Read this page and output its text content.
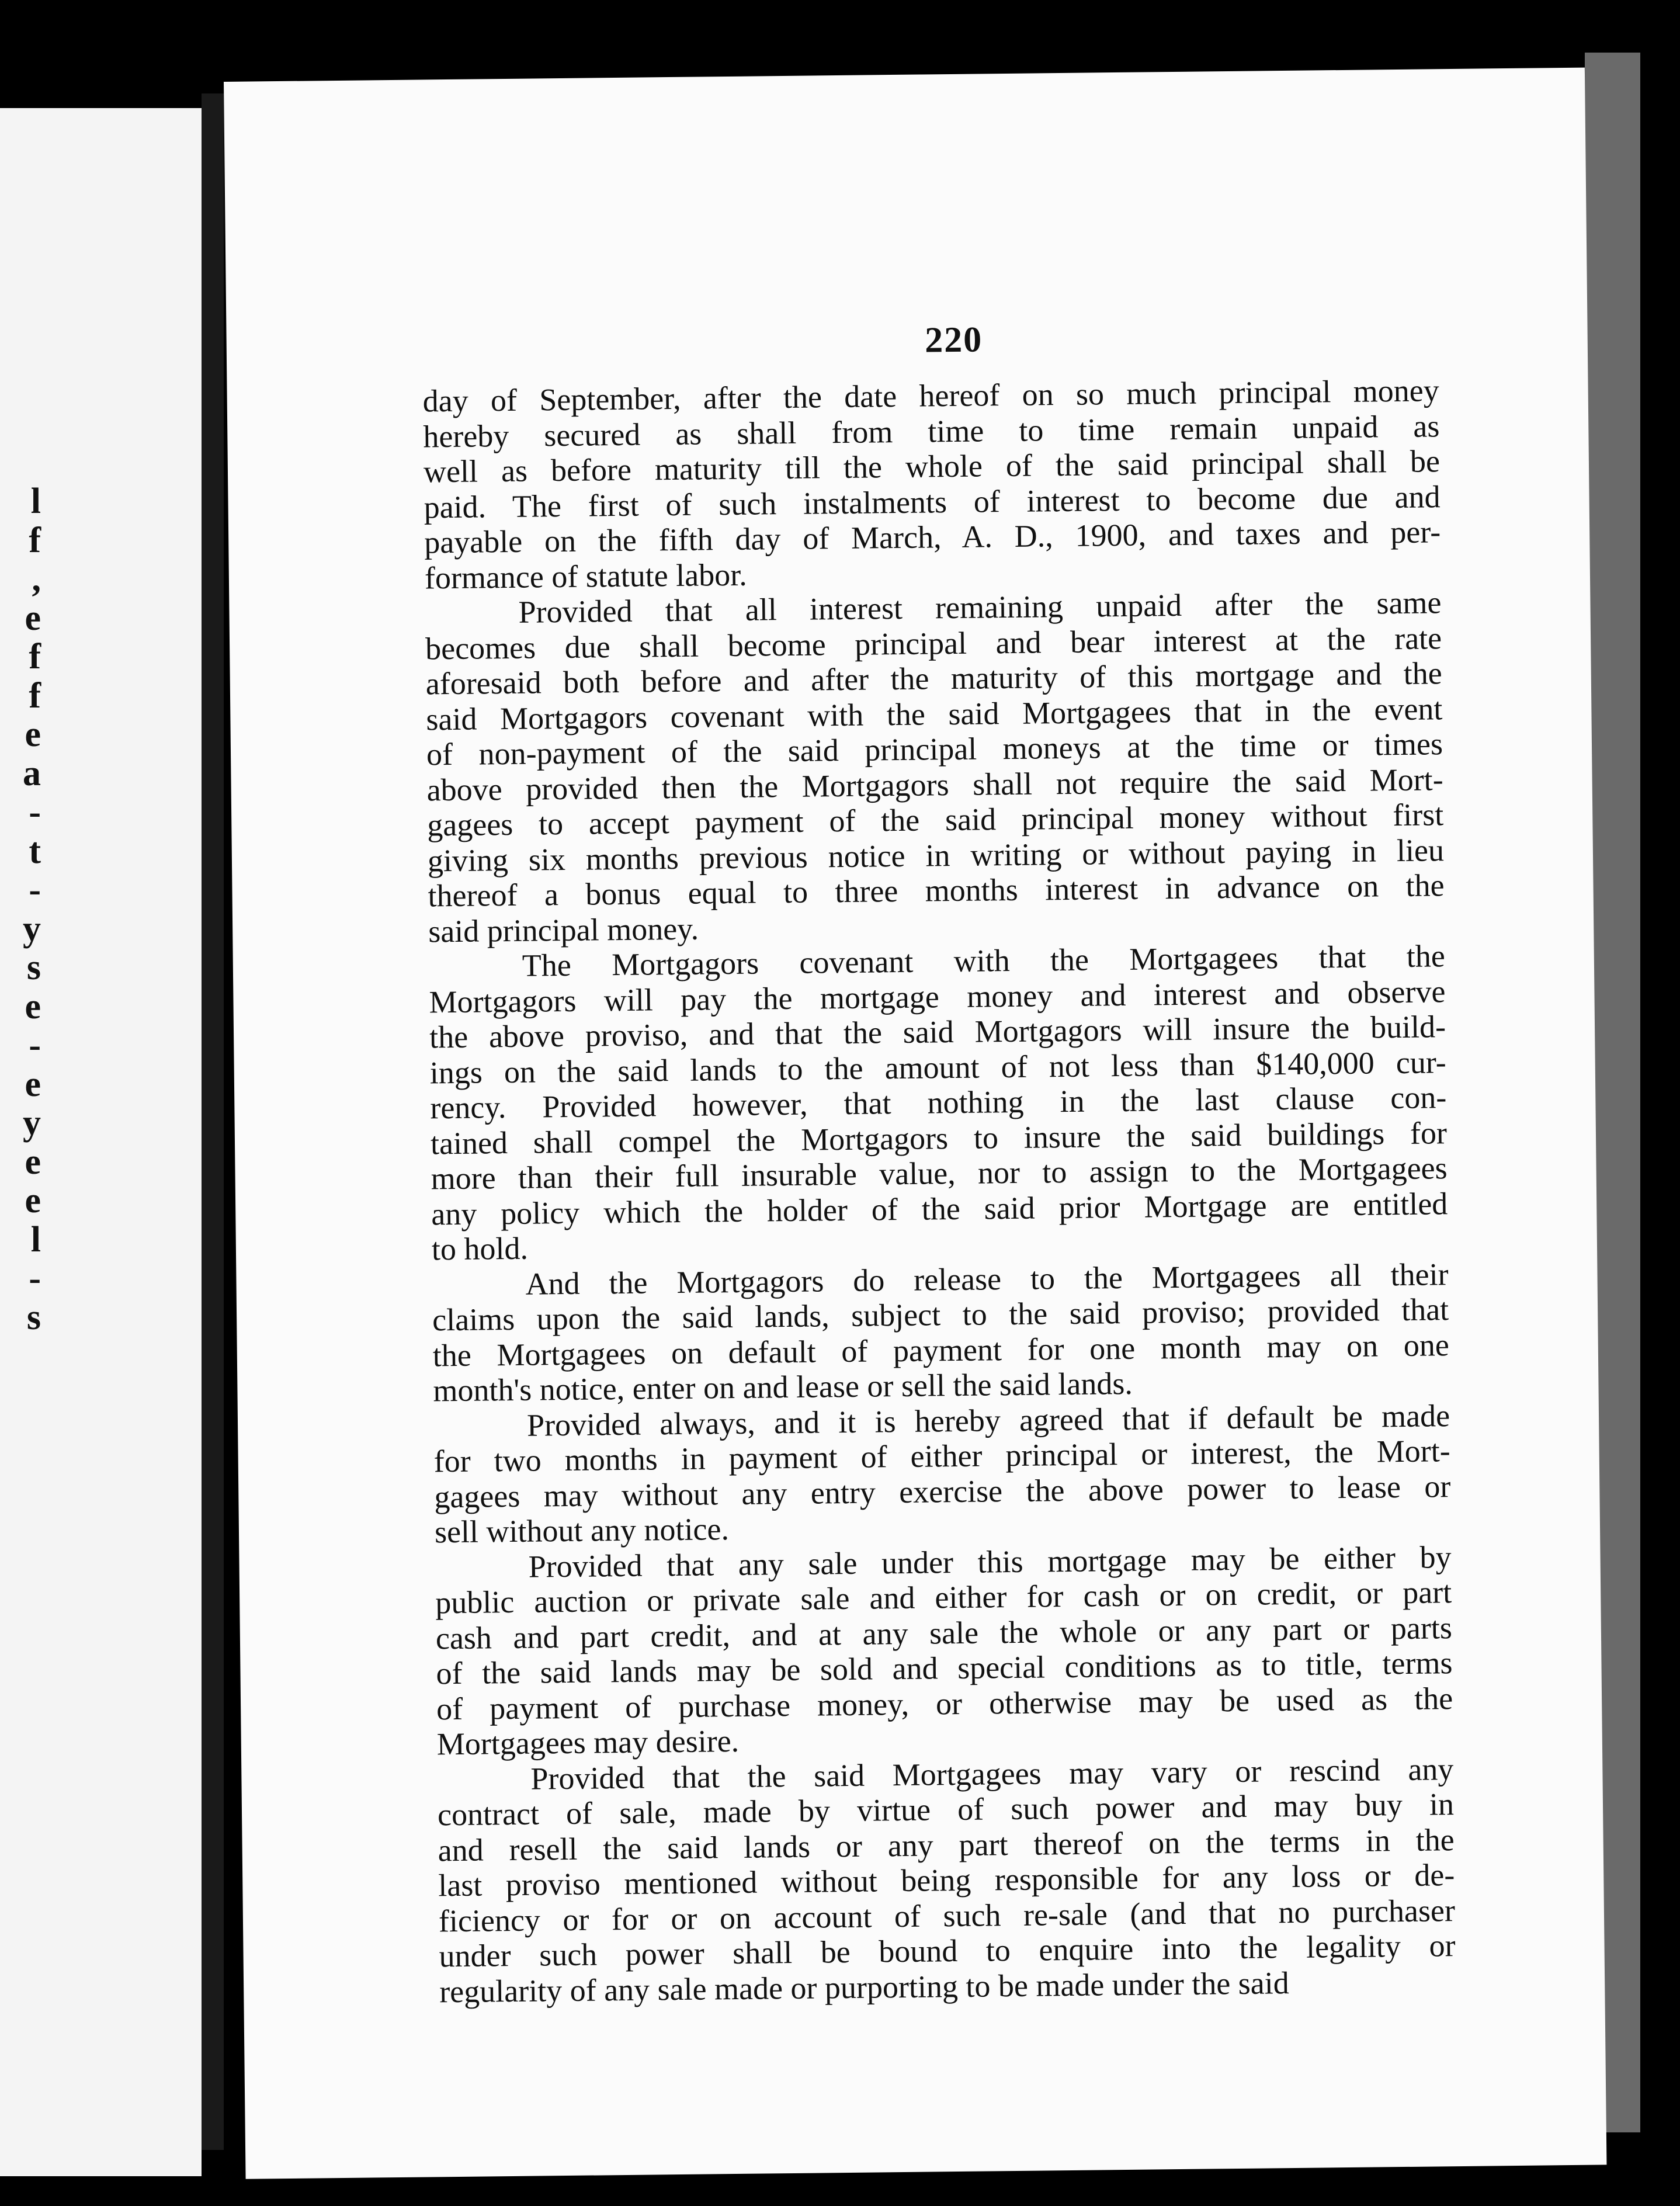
l
f
,
e
f
f
e
a
-
t
-
y
s
e
-
e
y
e
e
l
-
s
220
day of September, after the date hereof on so much principal money
hereby secured as shall from time to time remain unpaid as
well as before maturity till the whole of the said principal shall be
paid. The first of such instalments of interest to become due and
payable on the fifth day of March, A. D., 1900, and taxes and per-
formance of statute labor.
Provided that all interest remaining unpaid after the same
becomes due shall become principal and bear interest at the rate
aforesaid both before and after the maturity of this mortgage and the
said Mortgagors covenant with the said Mortgagees that in the event
of non-payment of the said principal moneys at the time or times
above provided then the Mortgagors shall not require the said Mort-
gagees to accept payment of the said principal money without first
giving six months previous notice in writing or without paying in lieu
thereof a bonus equal to three months interest in advance on the
said principal money.
The Mortgagors covenant with the Mortgagees that the
Mortgagors will pay the mortgage money and interest and observe
the above proviso, and that the said Mortgagors will insure the build-
ings on the said lands to the amount of not less than $140,000 cur-
rency. Provided however, that nothing in the last clause con-
tained shall compel the Mortgagors to insure the said buildings for
more than their full insurable value, nor to assign to the Mortgagees
any policy which the holder of the said prior Mortgage are entitled
to hold.
And the Mortgagors do release to the Mortgagees all their
claims upon the said lands, subject to the said proviso; provided that
the Mortgagees on default of payment for one month may on one
month's notice, enter on and lease or sell the said lands.
Provided always, and it is hereby agreed that if default be made
for two months in payment of either principal or interest, the Mort-
gagees may without any entry exercise the above power to lease or
sell without any notice.
Provided that any sale under this mortgage may be either by
public auction or private sale and either for cash or on credit, or part
cash and part credit, and at any sale the whole or any part or parts
of the said lands may be sold and special conditions as to title, terms
of payment of purchase money, or otherwise may be used as the
Mortgagees may desire.
Provided that the said Mortgagees may vary or rescind any
contract of sale, made by virtue of such power and may buy in
and resell the said lands or any part thereof on the terms in the
last proviso mentioned without being responsible for any loss or de-
ficiency or for or on account of such re-sale (and that no purchaser
under such power shall be bound to enquire into the legality or
regularity of any sale made or purporting to be made under the said
